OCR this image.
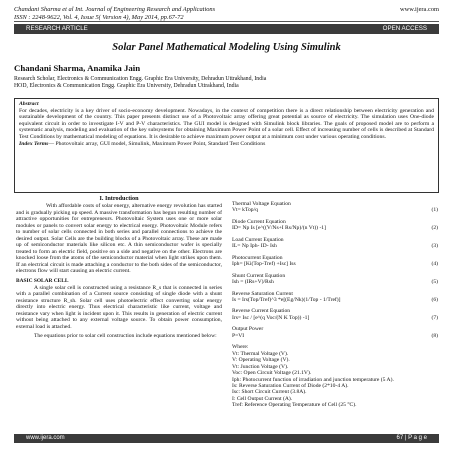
Chandani Sharma et al Int. Journal of Engineering Research and Applications
ISSN : 2248-9622, Vol. 4, Issue 5( Version 4), May 2014, pp.67-72
www.ijera.com
RESEARCH ARTICLE	OPEN ACCESS
Solar Panel Mathematical Modeling Using Simulink
Chandani Sharma, Anamika Jain
Research Scholar, Electronics & Communication Engg. Graphic Era University, Dehradun Uttrakhand, India
HOD, Electronics & Communication Engg. Graphic Era University, Dehradun Uttrakhand, India
Abstract

For decades, electricity is a key driver of socio-economy development. Nowadays, in the context of competition there is a direct relationship between electricity generation and sustainable development of the country. This paper presents distinct use of a Photovoltaic array offering great potential as source of electricity. The simulation uses One-diode equivalent circuit in order to investigate I-V and P-V characteristics. The GUI model is designed with Simulink block libraries. The goals of proposed model are to perform a systematic analysis, modeling and evaluation of the key subsystems for obtaining Maximum Power Point of a solar cell. Effect of increasing number of cells is described at Standard Test Conditions by mathematical modeling of equations. It is desirable to achieve maximum power output at a minimum cost under various operating conditions.

Index Terms— Photovoltaic array, GUI model, Simulink, Maximum Power Point, Standard Test Conditions

I. Introduction

With affordable costs of solar energy, alternative energy revolution has started and is gradually picking up speed. A massive transformation has begun resulting number of attractive opportunities for entrepreneurs. Photovoltaic System uses one or more solar modules or panels to convert solar energy to electrical energy. Photovoltaic Module refers to number of solar cells connected in both series and parallel connections to achieve the desired output. Solar Cells are the building blocks of a Photovoltaic array. These are made up of semiconductor materials like silicon etc. A thin semiconductor wafer is specially treated to form an electric field, positive on a side and negative on the other. Electrons are knocked loose from the atoms of the semiconductor material when light strikes upon them. If an electrical circuit is made attaching a conductor to the both sides of the semiconductor, electrons flow will start causing an electric current.

BASIC SOLAR CELL

A single solar cell is constructed using a resistance R_s that is connected in series with a parallel combination of a Current source consisting of single diode with a shunt resistance structure R_sh. Solar cell uses photoelectric effect converting solar energy directly into electric energy. Thus electrical characteristic like current, voltage and resistance vary when light is incident upon it. This results in generation of electric current without being attached to any external voltage source. To obtain power consumption, external load is attached.

The equations prior to solar cell construction include equations mentioned below:

Thermal Voltage Equation
Vt= kTop/q	(1)
Diode Current Equation
ID= Np Is [e^((V/Ns+I Rs/Np)/(n Vt)) -1]	(2)
Load Current Equation
IL= Np Iph- ID- Ish	(3)
Photocurrent Equation
Iph= [Ki(Top-Tref) +Isc] Iss	(4)
Shunt Current Equation
Ish = (IRs+V)/Rsh	(5)
Reverse Saturation Current
Is = Irs(Top/Tref)^3 *e[(Eg/Nk)(1/Top - 1/Tref)]	(6)
Reverse Current Equation
Irs= Isc / [e^(q Voc/(N K Top)) -1]	(7)
Output Power
P=VI	(8)
Where:
Vt: Thermal Voltage (V).
V: Operating Voltage (V).
Vt: Junction Voltage (V).
Voc: Open Circuit Voltage (21.1V).
Iph: Photocurrent function of irradiation and junction temperature (5 A).
Is: Reverse Saturation Current of Diode (2*10-4 A).
Isc: Short Circuit Current (3.8A).
I: Cell Output Current (A).
Tref: Reference Operating Temperature of Cell (25 °C).
www.ijera.com	67 | P a g e
